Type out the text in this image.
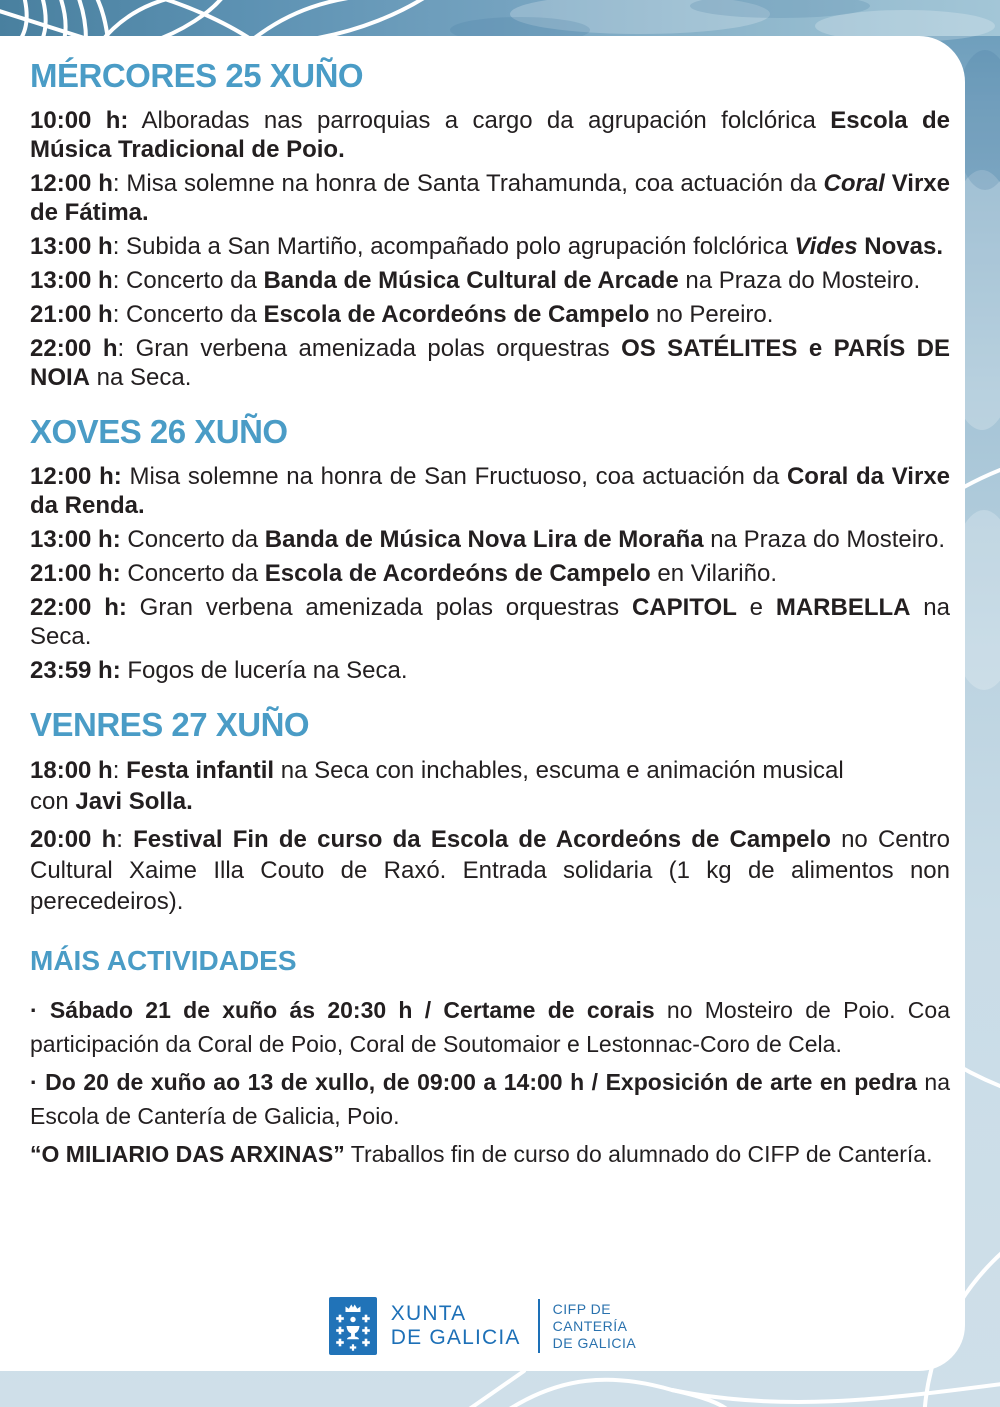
MÉRCORES 25 XUÑO

10:00 h: Alboradas nas parroquias a cargo da agrupación folclórica Escola de Música Tradicional de Poio.

12:00 h: Misa solemne na honra de Santa Trahamunda, coa actuación da Coral Virxe de Fátima.

13:00 h: Subida a San Martiño, acompañado polo agrupación folclórica Vides Novas.

13:00 h: Concerto da Banda de Música Cultural de Arcade na Praza do Mosteiro.

21:00 h: Concerto da Escola de Acordeóns de Campelo no Pereiro.

22:00 h: Gran verbena amenizada polas orquestras OS SATÉLITES e PARÍS DE NOIA na Seca.

XOVES 26 XUÑO

12:00 h: Misa solemne na honra de San Fructuoso, coa actuación da Coral da Virxe da Renda.

13:00 h: Concerto da Banda de Música Nova Lira de Moraña na Praza do Mosteiro.

21:00 h: Concerto da Escola de Acordeóns de Campelo en Vilariño.

22:00 h: Gran verbena amenizada polas orquestras CAPITOL e MARBELLA na Seca.

23:59 h: Fogos de lucería na Seca.

VENRES 27 XUÑO

18:00 h: Festa infantil na Seca con inchables, escuma e animación musical
con Javi Solla.

20:00 h: Festival Fin de curso da Escola de Acordeóns de Campelo no Centro Cultural Xaime Illa Couto de Raxó. Entrada solidaria (1 kg de alimentos non perecedeiros).

MÁIS ACTIVIDADES

· Sábado 21 de xuño ás 20:30 h / Certame de corais no Mosteiro de Poio. Coa participación da Coral de Poio, Coral de Soutomaior e Lestonnac-Coro de Cela.

· Do 20 de xuño ao 13 de xullo, de 09:00 a 14:00 h / Exposición de arte en pedra na Escola de Cantería de Galicia, Poio.

“O MILIARIO DAS ARXINAS” Traballos fin de curso do alumnado do CIFP de Cantería.

XUNTA
DE GALICIA
CIFP DE
CANTERÍA
DE GALICIA
